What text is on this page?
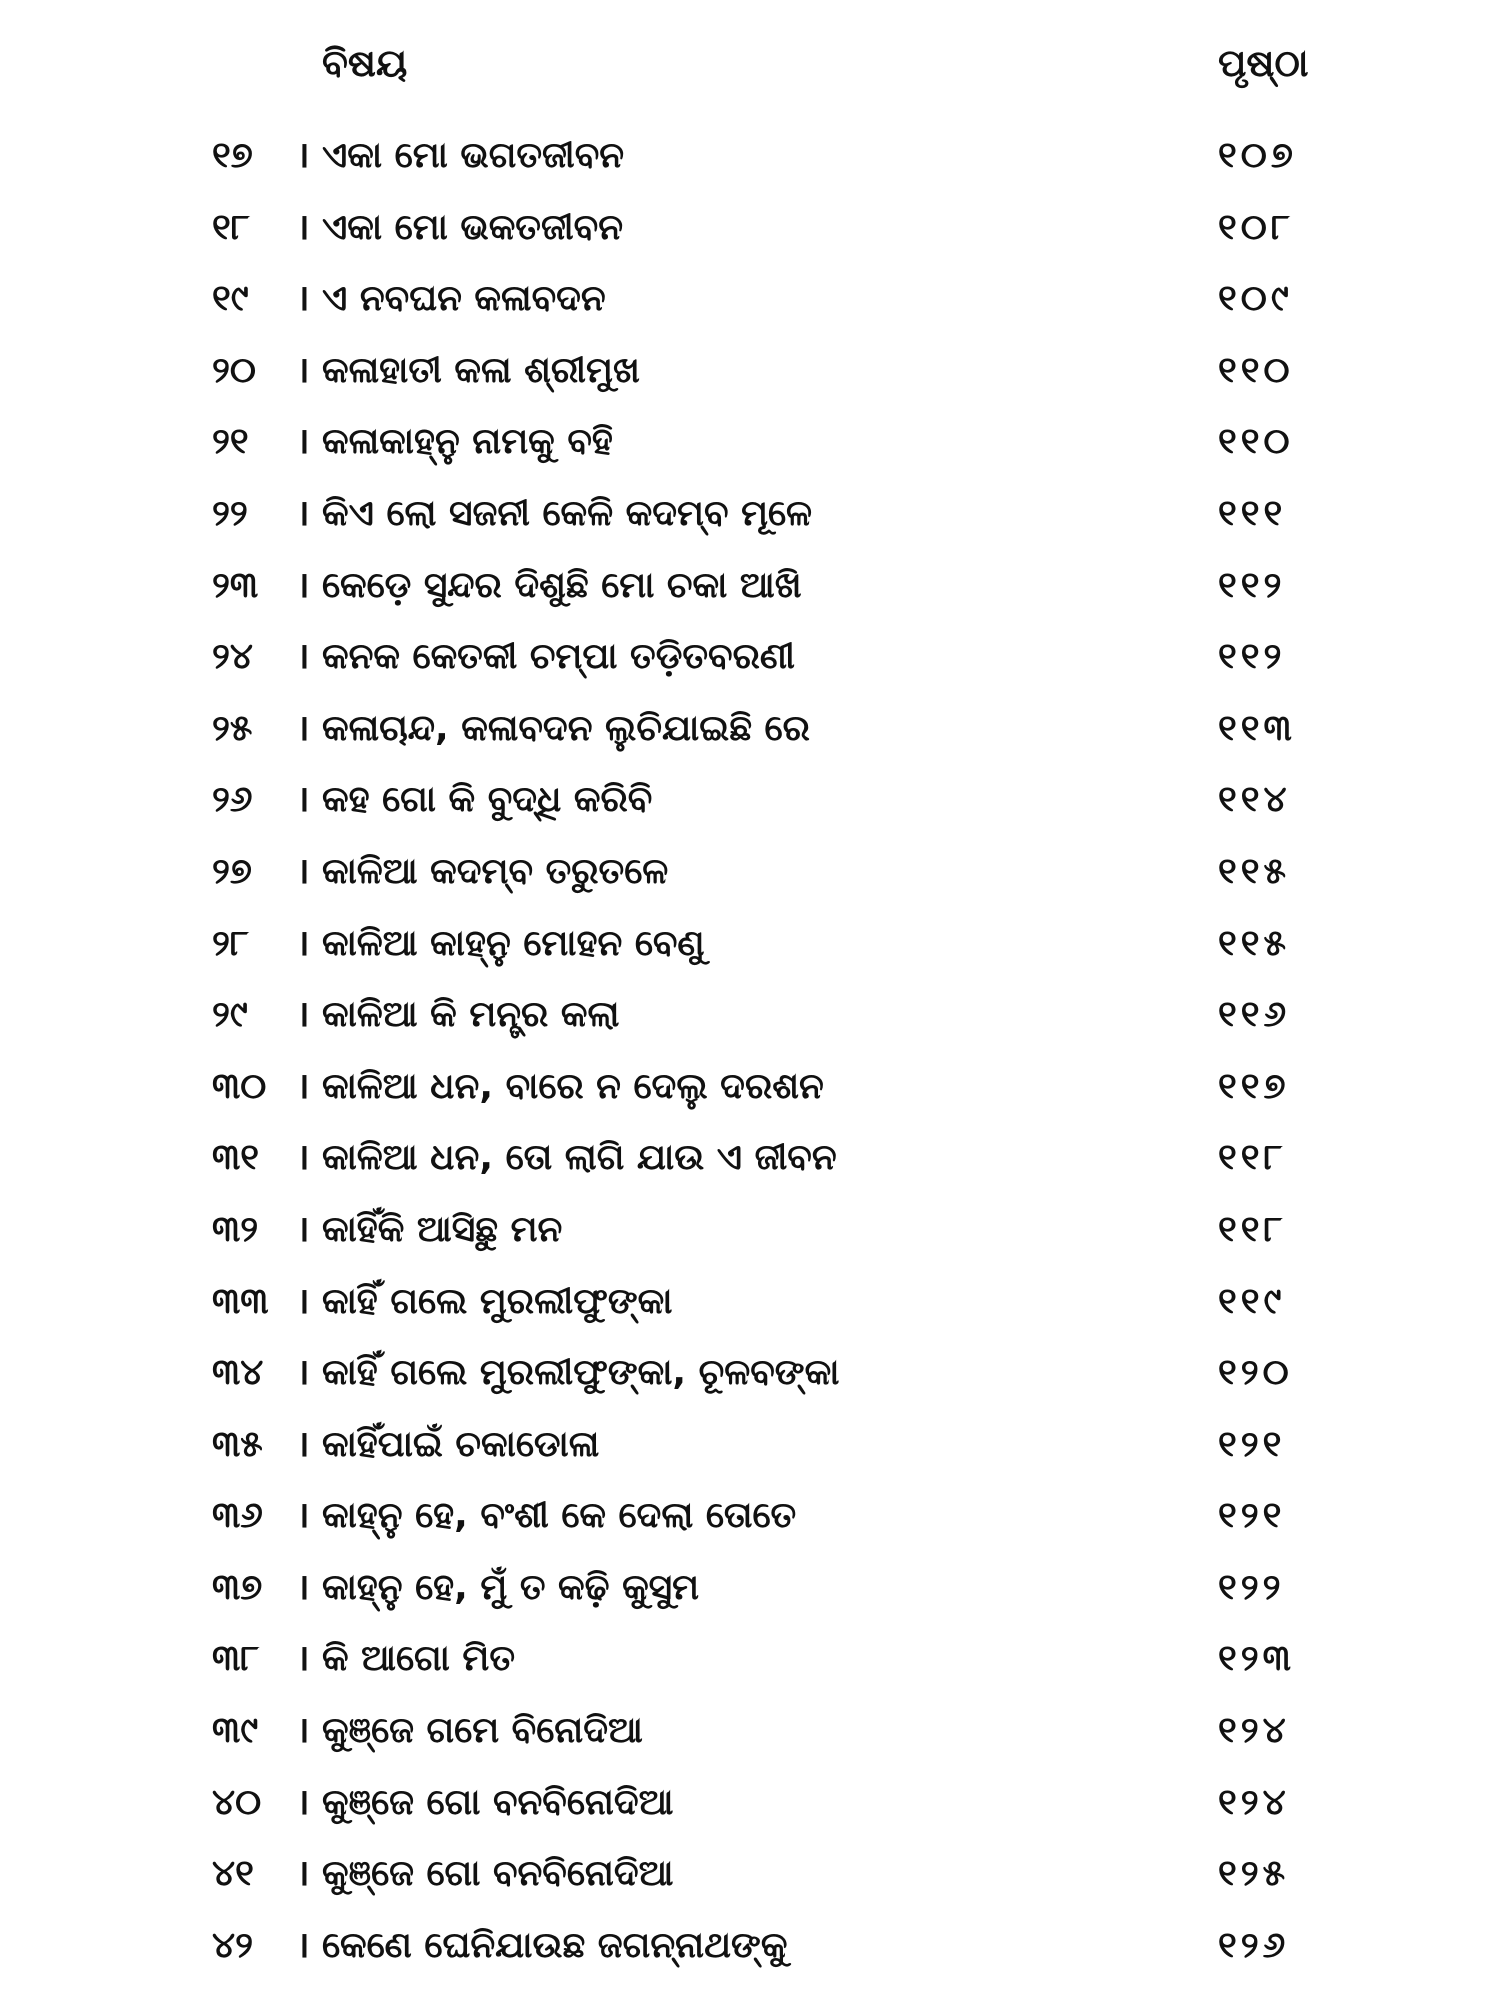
ବିଷୟ	ପୃଷ୍ଠା
୧୭	। ଏକା ମୋ ଭଗତଜୀବନ	୧୦୭
୧୮	। ଏକା ମୋ ଭକତଜୀବନ	୧୦୮
୧୯	। ଏ ନବଘନ କଳାବଦନ	୧୦୯
୨୦	। କଳାହାତୀ କଳା ଶ୍ରୀମୁଖ	୧୧୦
୨୧	। କଳାକାହ୍ନୁ ନାମକୁ ବହି	୧୧୦
୨୨	। କିଏ ଲୋ ସଜନୀ କେଳି କଦମ୍ବ ମୂଳେ	୧୧୧
୨୩	। କେଡ଼େ ସୁନ୍ଦର ଦିଶୁଛି ମୋ ଚକା ଆଖି	୧୧୨
୨୪	। କନକ କେତକୀ ଚମ୍ପା ତଡ଼ିତବରଣୀ	୧୧୨
୨୫	। କଳାଚାନ୍ଦ, କଳାବଦନ ଲୁଚିଯାଇଛି ରେ	୧୧୩
୨୬	। କହ ଗୋ କି ବୁଦ୍ଧି କରିବି	୧୧୪
୨୭	। କାଳିଆ କଦମ୍ବ ତରୁତଳେ	୧୧୫
୨୮	। କାଳିଆ କାହ୍ନୁ ମୋହନ ବେଣୁ	୧୧୫
୨୯	। କାଳିଆ କି ମନ୍ତ୍ର କଲା	୧୧୬
୩୦ । କାଳିଆ ଧନ, ବାରେ ନ ଦେଲୁ ଦରଶନ	୧୧୭
୩୧	। କାଳିଆ ଧନ, ତୋ ଲାଗି ଯାଉ ଏ ଜୀବନ	୧୧୮
୩୨	। କାହିଁକି ଆସିଛୁ ମନ	୧୧୮
୩୩ । କାହିଁ ଗଲେ ମୁରଲୀଫୁଙ୍କା	୧୧୯
୩୪ । କାହିଁ ଗଲେ ମୁରଲୀଫୁଙ୍କା, ଚୂଳବଙ୍କା	୧୨୦
୩୫ । କାହିଁପାଇଁ ଚକାଡୋଳା	୧୨୧
୩୬ । କାହ୍ନୁ ହେ, ବଂଶୀ କେ ଦେଲା ତୋତେ	୧୨୧
୩୭ । କାହ୍ନୁ ହେ, ମୁଁ ତ କଢ଼ି କୁସୁମ	୧୨୨
୩୮	। କି ଆଗୋ ମିତ	୧୨୩
୩୯	। କୁଞ୍ଜେ ଗମେ ବିନୋଦିଆ	୧୨୪
୪୦ । କୁଞ୍ଜେ ଗୋ ବନବିନୋଦିଆ	୧୨୪
୪୧	। କୁଞ୍ଜେ ଗୋ ବନବିନୋଦିଆ	୧୨୫
୪୨	। କେଣେ ଘେନିଯାଉଛ ଜଗନ୍ନାଥଙ୍କୁ	୧୨୬
